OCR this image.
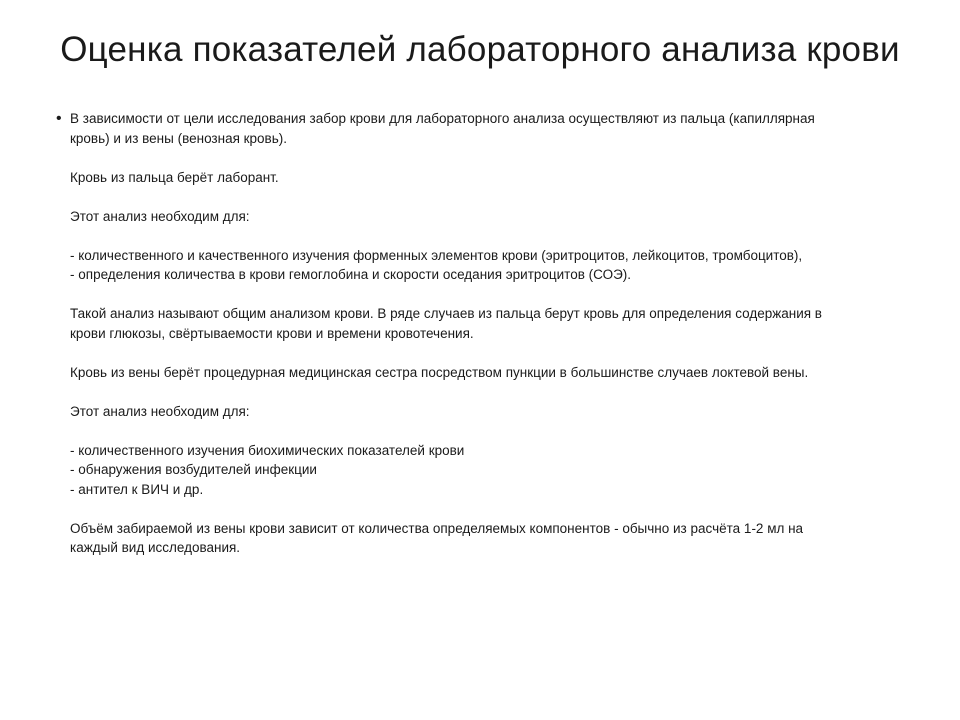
Оценка показателей лабораторного анализа крови
• В зависимости от цели исследования забор крови для лабораторного анализа осуществляют из пальца (капиллярная
кровь) и из вены (венозная кровь).
Кровь из пальца берёт лаборант.
Этот анализ необходим для:
- количественного и качественного изучения форменных элементов крови (эритроцитов, лейкоцитов, тромбоцитов),
- определения количества в крови гемоглобина и скорости оседания эритроцитов (СОЭ).
Такой анализ называют общим анализом крови. В ряде случаев из пальца берут кровь для определения содержания в
крови глюкозы, свёртываемости крови и времени кровотечения.
Кровь из вены берёт процедурная медицинская сестра посредством пункции в большинстве случаев локтевой вены.
Этот анализ необходим для:
- количественного изучения биохимических показателей крови
- обнаружения возбудителей инфекции
- антител к ВИЧ и др.
Объём забираемой из вены крови зависит от количества определяемых компонентов - обычно из расчёта 1-2 мл на
каждый вид исследования.
